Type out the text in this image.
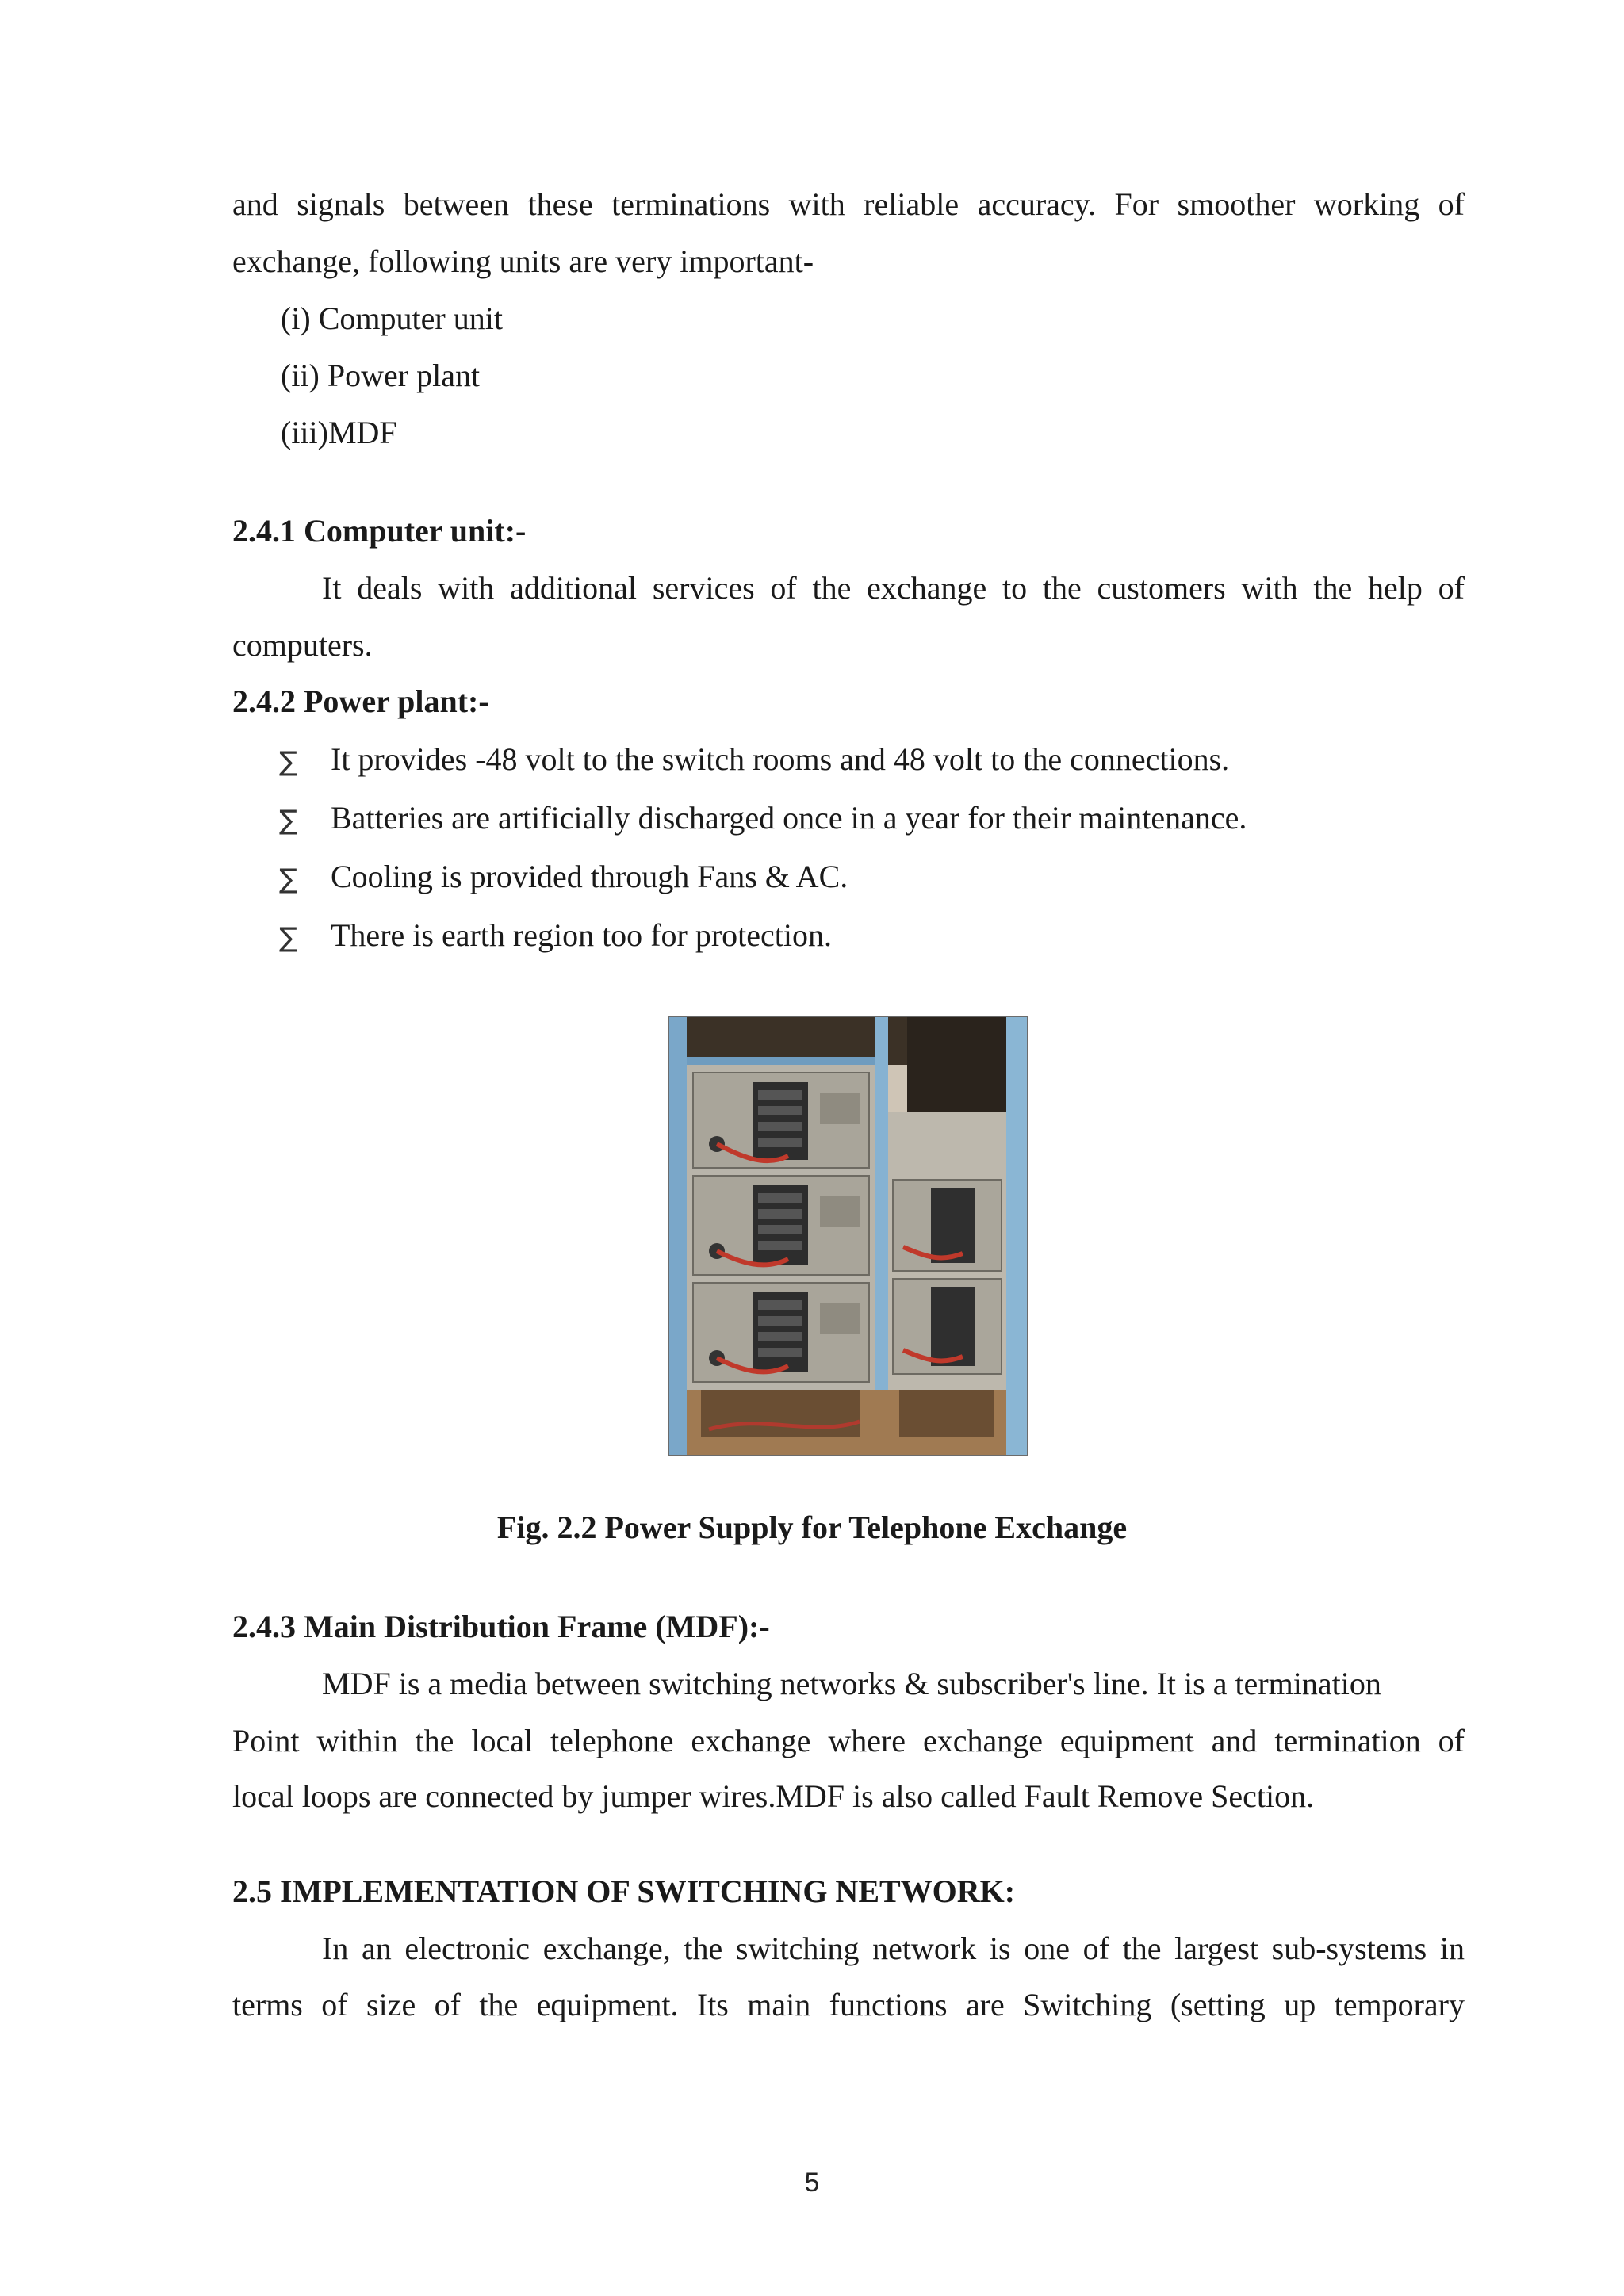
and signals between these terminations with reliable accuracy. For smoother working of
exchange, following units are very important-
(i) Computer unit
(ii) Power plant
(iii)MDF
2.4.1 Computer unit:-
It deals with additional services of the exchange to the customers with the help of
computers.
2.4.2 Power plant:-
∑ It provides -48 volt to the switch rooms and 48 volt to the connections.
∑ Batteries are artificially discharged once in a year for their maintenance.
∑ Cooling is provided through Fans & AC.
∑ There is earth region too for protection.
Fig. 2.2 Power Supply for Telephone Exchange
2.4.3 Main Distribution Frame (MDF):-
MDF is a media between switching networks & subscriber's line. It is a termination
Point within the local telephone exchange where exchange equipment and termination of
local loops are connected by jumper wires.MDF is also called Fault Remove Section.
2.5 IMPLEMENTATION OF SWITCHING NETWORK:
In an electronic exchange, the switching network is one of the largest sub-systems in
terms of size of the equipment. Its main functions are Switching (setting up temporary
5
